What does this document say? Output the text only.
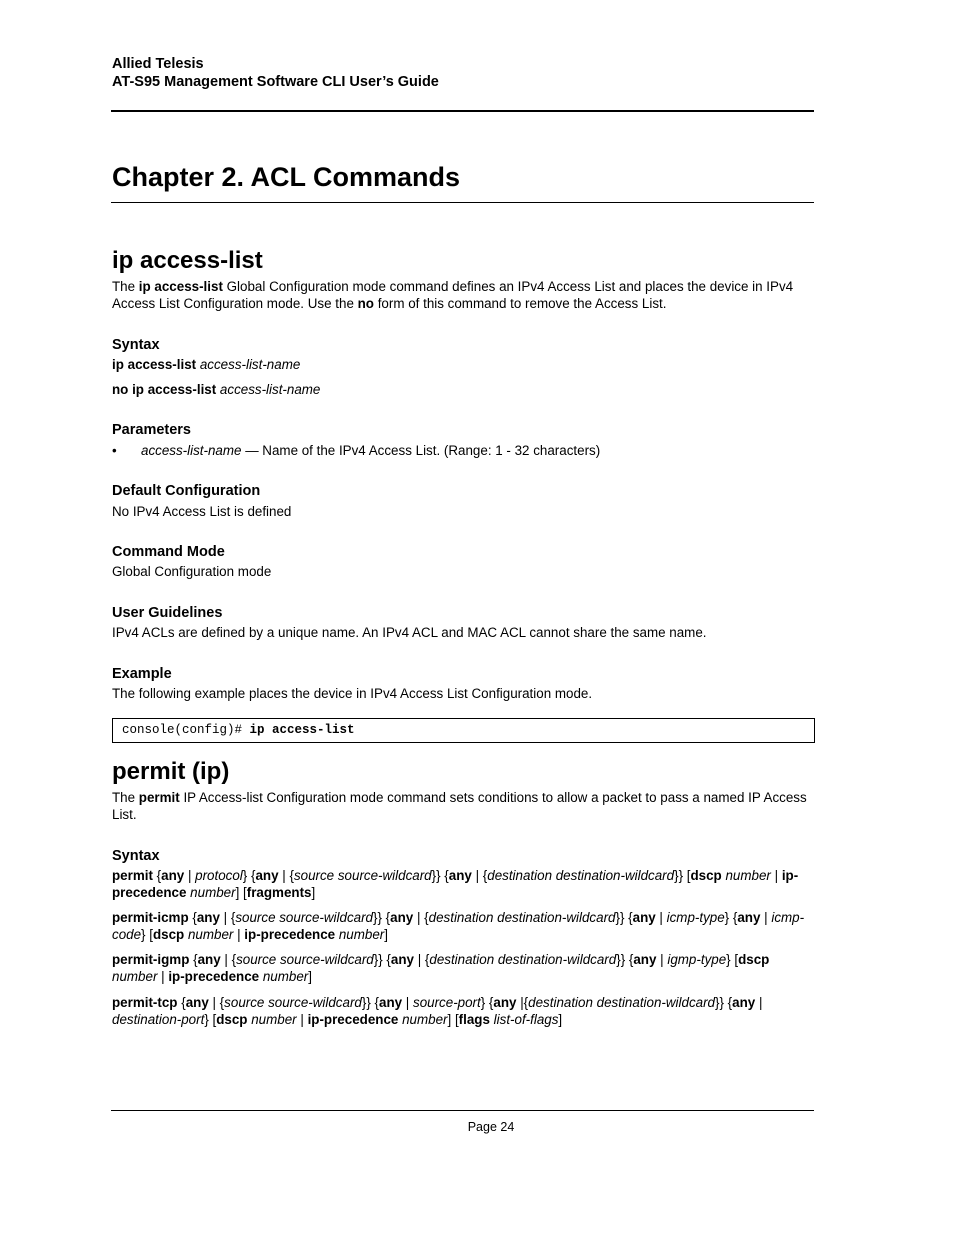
Allied Telesis
AT-S95 Management Software CLI User’s Guide
Chapter 2. ACL Commands
ip access-list
The ip access-list Global Configuration mode command defines an IPv4 Access List and places the device in IPv4 Access List Configuration mode. Use the no form of this command to remove the Access List.
Syntax
ip access-list access-list-name
no ip access-list access-list-name
Parameters
• access-list-name — Name of the IPv4 Access List. (Range: 1 - 32 characters)
Default Configuration
No IPv4 Access List is defined
Command Mode
Global Configuration mode
User Guidelines
IPv4 ACLs are defined by a unique name. An IPv4 ACL and MAC ACL cannot share the same name.
Example
The following example places the device in IPv4 Access List Configuration mode.
console(config)# ip access-list
permit (ip)
The permit IP Access-list Configuration mode command sets conditions to allow a packet to pass a named IP Access List.
Syntax
permit {any | protocol} {any | {source source-wildcard}} {any | {destination destination-wildcard}} [dscp number | ip-precedence number] [fragments]
permit-icmp {any | {source source-wildcard}} {any | {destination destination-wildcard}} {any | icmp-type} {any | icmp-code} [dscp number | ip-precedence number]
permit-igmp {any | {source source-wildcard}} {any | {destination destination-wildcard}} {any | igmp-type} [dscp number | ip-precedence number]
permit-tcp {any | {source source-wildcard}} {any | source-port} {any |{destination destination-wildcard}} {any | destination-port} [dscp number | ip-precedence number] [flags list-of-flags]
Page 24
